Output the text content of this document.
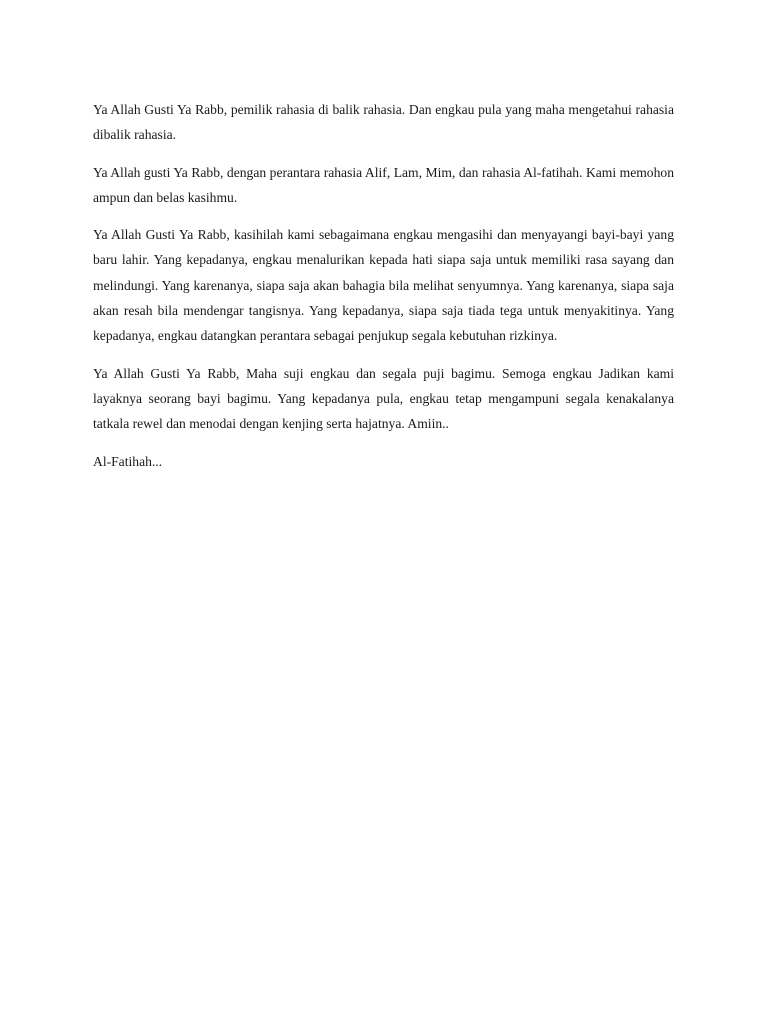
Ya Allah Gusti Ya Rabb, pemilik rahasia di balik rahasia. Dan engkau pula yang maha mengetahui rahasia dibalik rahasia.

Ya Allah gusti Ya Rabb, dengan perantara rahasia Alif, Lam, Mim, dan rahasia Al-fatihah. Kami memohon ampun dan belas kasihmu.

Ya Allah Gusti Ya Rabb, kasihilah kami sebagaimana engkau mengasihi dan menyayangi bayi-bayi yang baru lahir. Yang kepadanya, engkau menalurikan kepada hati siapa saja untuk memiliki rasa sayang dan melindungi. Yang karenanya, siapa saja akan bahagia bila melihat senyumnya. Yang karenanya, siapa saja akan resah bila mendengar tangisnya. Yang kepadanya, siapa saja tiada tega untuk menyakitinya. Yang kepadanya, engkau datangkan perantara sebagai penjukup segala kebutuhan rizkinya.

Ya Allah Gusti Ya Rabb, Maha suji engkau dan segala puji bagimu. Semoga engkau Jadikan kami layaknya seorang bayi bagimu. Yang kepadanya pula, engkau tetap mengampuni segala kenakalanya tatkala rewel dan menodai dengan kenjing serta hajatnya. Amiin..

Al-Fatihah...
